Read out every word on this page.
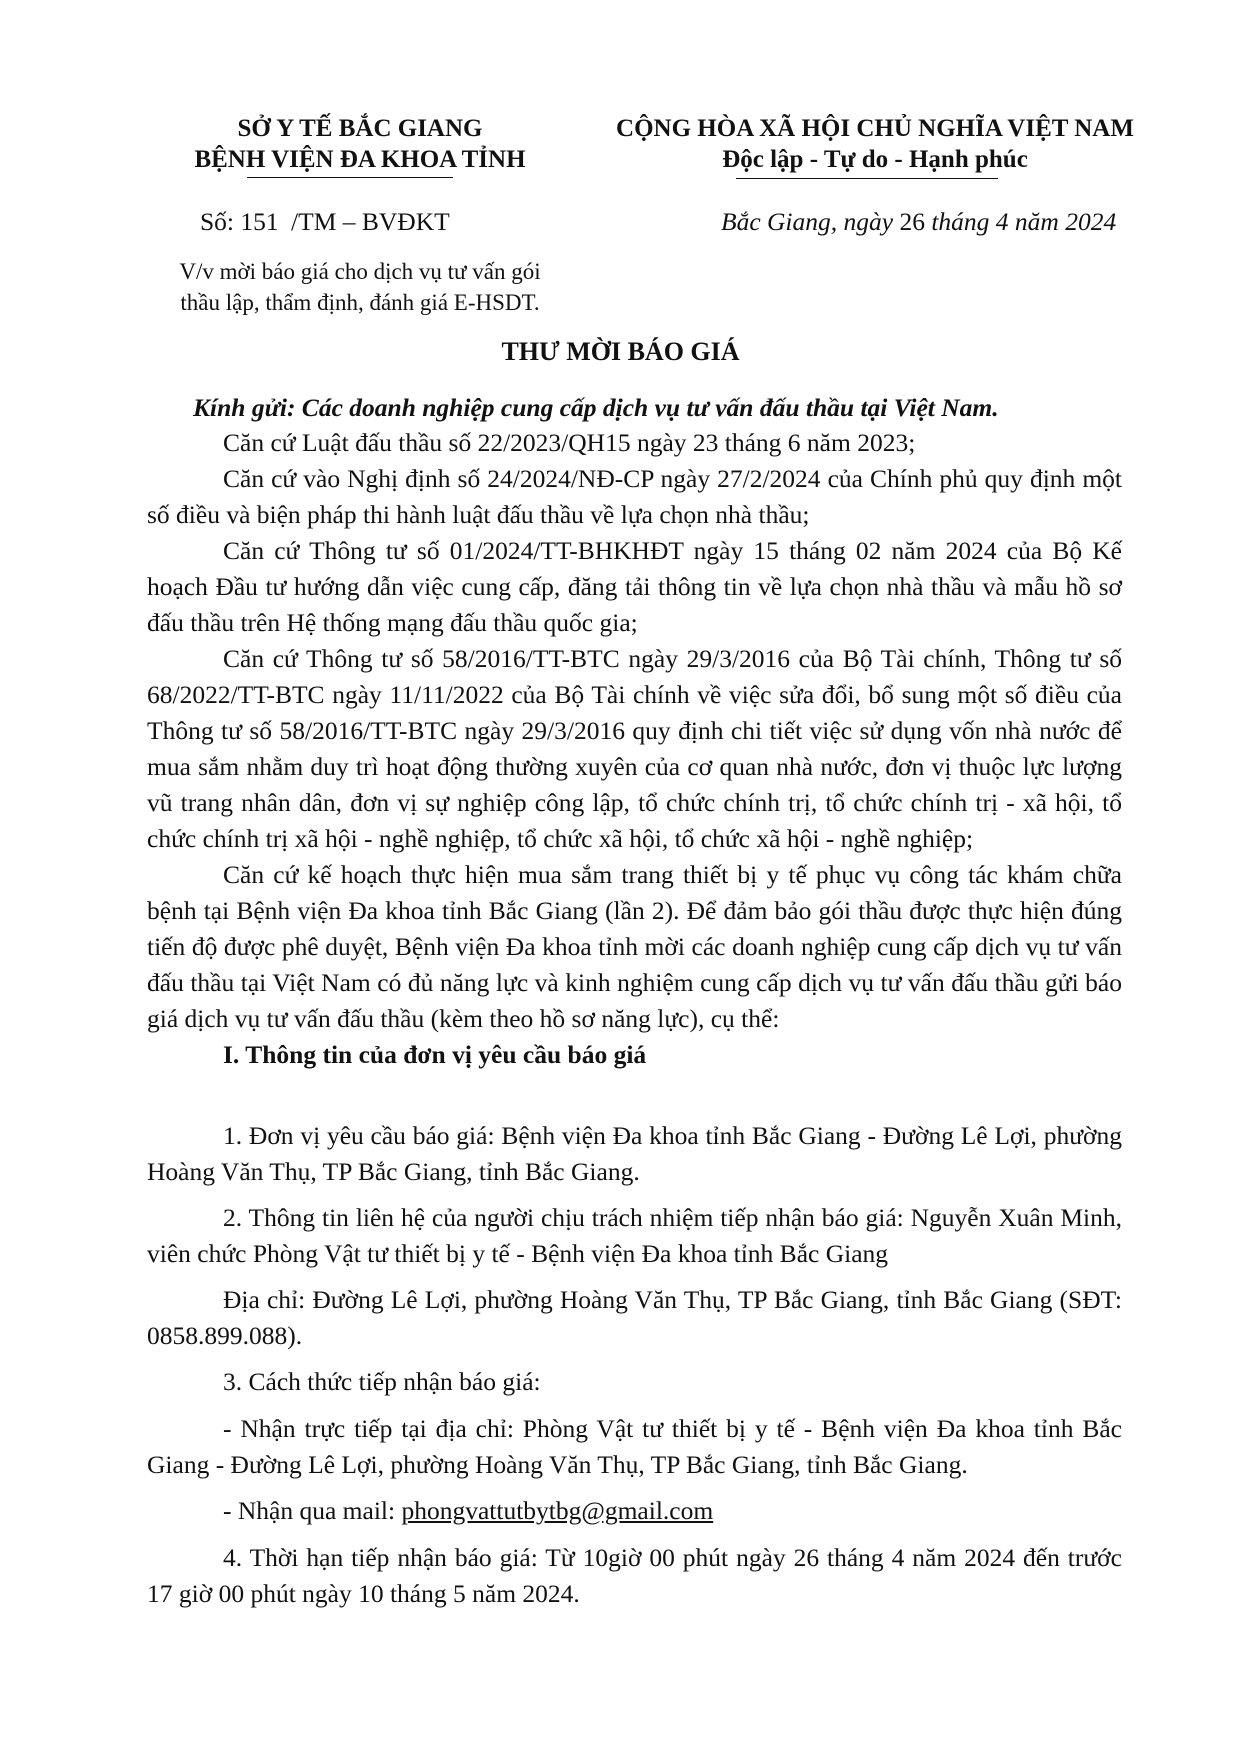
SỞ Y TẾ BẮC GIANG
BỆNH VIỆN ĐA KHOA TỈNH
CỘNG HÒA XÃ HỘI CHỦ NGHĨA VIỆT NAM
Độc lập - Tự do - Hạnh phúc
Số: 151 /TM – BVĐKT	Bắc Giang, ngày 26 tháng 4 năm 2024
V/v mời báo giá cho dịch vụ tư vấn gói
thầu lập, thẩm định, đánh giá E-HSDT.
THƯ MỜI BÁO GIÁ
Kính gửi: Các doanh nghiệp cung cấp dịch vụ tư vấn đấu thầu tại Việt Nam.

Căn cứ Luật đấu thầu số 22/2023/QH15 ngày 23 tháng 6 năm 2023;

Căn cứ vào Nghị định số 24/2024/NĐ-CP ngày 27/2/2024 của Chính phủ quy định một số điều và biện pháp thi hành luật đấu thầu về lựa chọn nhà thầu;

Căn cứ Thông tư số 01/2024/TT-BHKHĐT ngày 15 tháng 02 năm 2024 của Bộ Kế hoạch Đầu tư hướng dẫn việc cung cấp, đăng tải thông tin về lựa chọn nhà thầu và mẫu hồ sơ đấu thầu trên Hệ thống mạng đấu thầu quốc gia;

Căn cứ Thông tư số 58/2016/TT-BTC ngày 29/3/2016 của Bộ Tài chính, Thông tư số 68/2022/TT-BTC ngày 11/11/2022 của Bộ Tài chính về việc sửa đổi, bổ sung một số điều của Thông tư số 58/2016/TT-BTC ngày 29/3/2016 quy định chi tiết việc sử dụng vốn nhà nước để mua sắm nhằm duy trì hoạt động thường xuyên của cơ quan nhà nước, đơn vị thuộc lực lượng vũ trang nhân dân, đơn vị sự nghiệp công lập, tổ chức chính trị, tổ chức chính trị - xã hội, tổ chức chính trị xã hội - nghề nghiệp, tổ chức xã hội, tổ chức xã hội - nghề nghiệp;

Căn cứ kế hoạch thực hiện mua sắm trang thiết bị y tế phục vụ công tác khám chữa bệnh tại Bệnh viện Đa khoa tỉnh Bắc Giang (lần 2). Để đảm bảo gói thầu được thực hiện đúng tiến độ được phê duyệt, Bệnh viện Đa khoa tỉnh mời các doanh nghiệp cung cấp dịch vụ tư vấn đấu thầu tại Việt Nam có đủ năng lực và kinh nghiệm cung cấp dịch vụ tư vấn đấu thầu gửi báo giá dịch vụ tư vấn đấu thầu (kèm theo hồ sơ năng lực), cụ thể:

I. Thông tin của đơn vị yêu cầu báo giá

1. Đơn vị yêu cầu báo giá: Bệnh viện Đa khoa tỉnh Bắc Giang - Đường Lê Lợi, phường Hoàng Văn Thụ, TP Bắc Giang, tỉnh Bắc Giang.

2. Thông tin liên hệ của người chịu trách nhiệm tiếp nhận báo giá: Nguyễn Xuân Minh, viên chức Phòng Vật tư thiết bị y tế - Bệnh viện Đa khoa tỉnh Bắc Giang

Địa chỉ: Đường Lê Lợi, phường Hoàng Văn Thụ, TP Bắc Giang, tỉnh Bắc Giang (SĐT: 0858.899.088).

3. Cách thức tiếp nhận báo giá:

- Nhận trực tiếp tại địa chỉ: Phòng Vật tư thiết bị y tế - Bệnh viện Đa khoa tỉnh Bắc Giang - Đường Lê Lợi, phường Hoàng Văn Thụ, TP Bắc Giang, tỉnh Bắc Giang.

- Nhận qua mail: phongvattutbytbg@gmail.com

4. Thời hạn tiếp nhận báo giá: Từ 10giờ 00 phút ngày 26 tháng 4 năm 2024 đến trước 17 giờ 00 phút ngày 10 tháng 5 năm 2024.
